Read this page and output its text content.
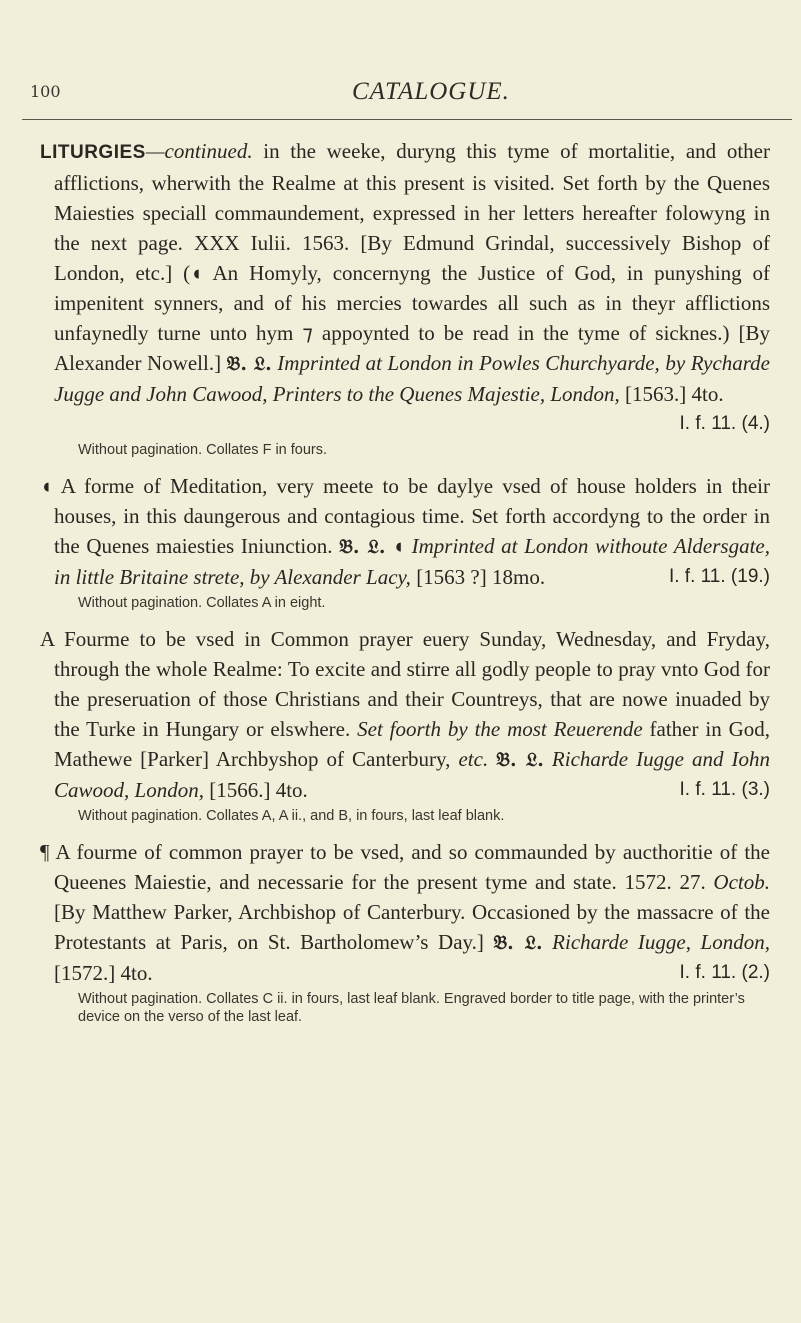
100	CATALOGUE.

LITURGIES—continued. in the weeke, duryng this tyme of mortalitie, and other afflictions, wherwith the Realme at this present is visited. Set forth by the Quenes Maiesties speciall commaundement, expressed in her letters hereafter folowyng in the next page. XXX Iulii. 1563. [By Edmund Grindal, successively Bishop of London, etc.] (◖ An Homyly, concernyng the Justice of God, in punyshing of impenitent synners, and of his mercies towardes all such as in theyr afflictions unfaynedly turne unto hym ⁊ appoynted to be read in the tyme of sicknes.) [By Alexander Nowell.] 𝔅. 𝔏. Imprinted at London in Powles Churchyarde, by Rycharde Jugge and John Cawood, Printers to the Quenes Majestie, London, [1563.] 4to.
I. f. 11. (4.)

Without pagination. Collates F in fours.

◖ A forme of Meditation, very meete to be daylye vsed of house holders in their houses, in this daungerous and contagious time. Set forth accordyng to the order in the Quenes maiesties Iniunction. 𝔅. 𝔏. ◖ Imprinted at London withoute Aldersgate, in little Britaine strete, by Alexander Lacy, [1563 ?] 18mo.	I. f. 11. (19.)

Without pagination. Collates A in eight.

A Fourme to be vsed in Common prayer euery Sunday, Wednesday, and Fryday, through the whole Realme: To excite and stirre all godly people to pray vnto God for the preseruation of those Christians and their Countreys, that are nowe inuaded by the Turke in Hungary or elswhere. Set foorth by the most Reuerende father in God, Mathewe [Parker] Archbyshop of Canterbury, etc. 𝔅. 𝔏. Richarde Iugge and Iohn Cawood, London, [1566.] 4to.	I. f. 11. (3.)

Without pagination. Collates A, A ii., and B, in fours, last leaf blank.

¶ A fourme of common prayer to be vsed, and so commaunded by aucthoritie of the Queenes Maiestie, and necessarie for the present tyme and state. 1572. 27. Octob. [By Matthew Parker, Archbishop of Canterbury. Occasioned by the massacre of the Protestants at Paris, on St. Bartholomew’s Day.] 𝔅. 𝔏. Richarde Iugge, London, [1572.] 4to.	I. f. 11. (2.)

Without pagination. Collates C ii. in fours, last leaf blank. Engraved border to title page, with the printer’s device on the verso of the last leaf.
